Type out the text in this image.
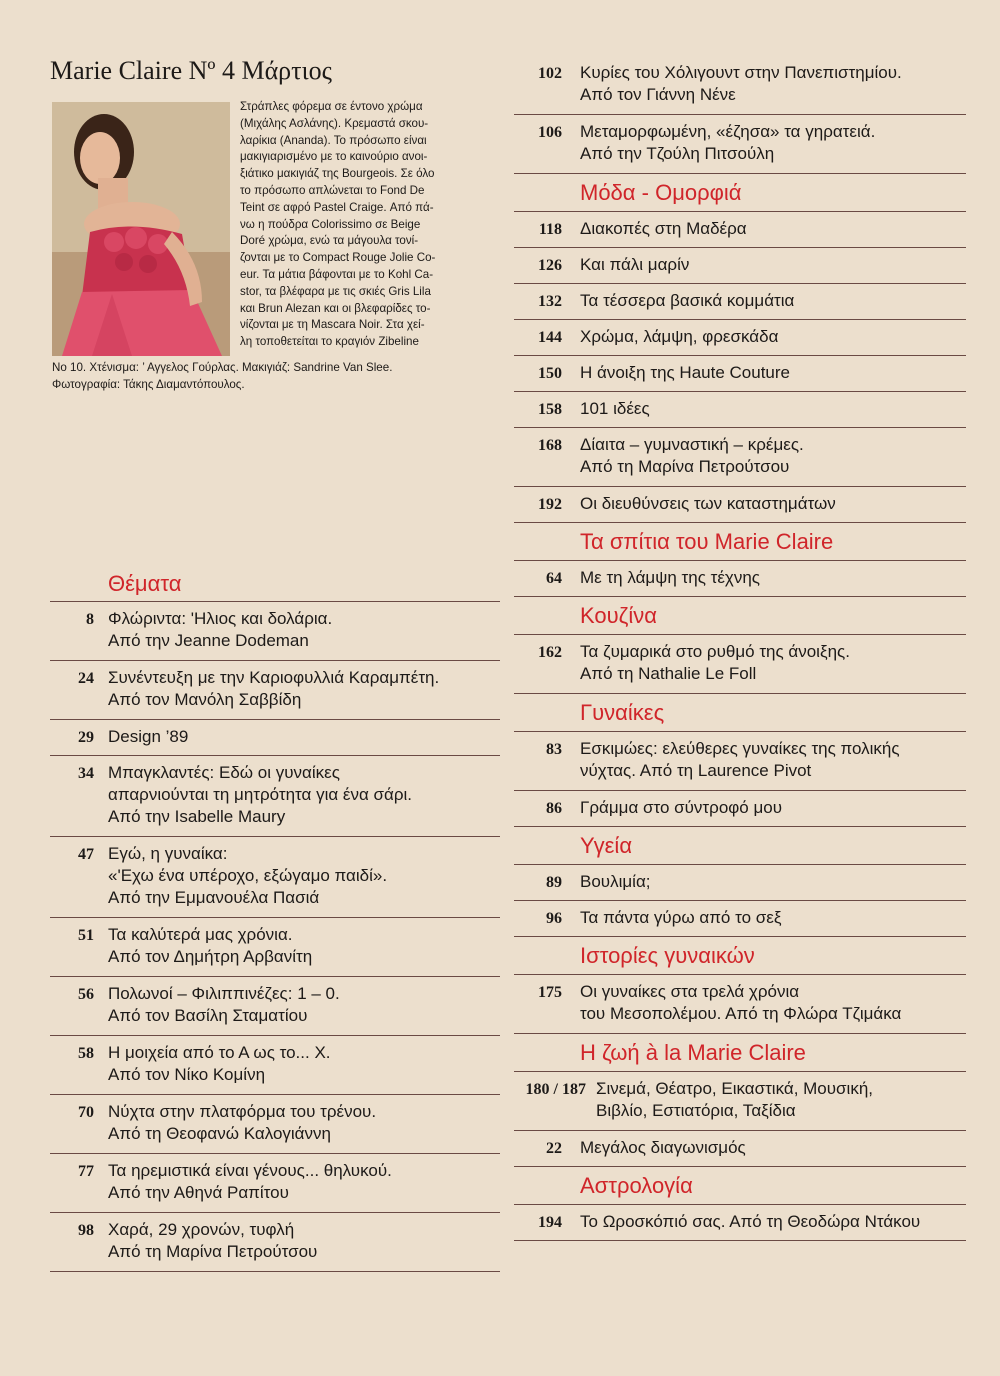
Marie Claire Nº 4 Μάρτιος
Στράπλες φόρεμα σε έντονο χρώμα
(Μιχάλης Ασλάνης). Κρεμαστά σκου-
λαρίκια (Ananda). Το πρόσωπο είναι
μακιγιαρισμένο με το καινούριο ανοι-
ξιάτικο μακιγιάζ της Bourgeois. Σε όλο
το πρόσωπο απλώνεται το Fond De
Teint σε αφρό Pastel Craige. Από πά-
νω η πούδρα Colorissimo σε Beige
Doré χρώμα, ενώ τα μάγουλα τονί-
ζονται με το Compact Rouge Jolie Co-
eur. Τα μάτια βάφονται με το Kohl Ca-
stor, τα βλέφαρα με τις σκιές Gris Lila
και Brun Alezan και οι βλεφαρίδες το-
νίζονται με τη Mascara Noir. Στα χεί-
λη τοποθετείται το κραγιόν Zibeline
No 10. Χτένισμα: ’ Αγγελος Γούρλας. Μακιγιάζ: Sandrine Van Slee.
Φωτογραφία: Τάκης Διαμαντόπουλος.
Θέματα
8 Φλώριντα: 'Ηλιος και δολάρια.
Από την Jeanne Dodeman
24 Συνέντευξη με την Καριοφυλλιά Καραμπέτη.
Από τον Μανόλη Σαββίδη
29 Design ’89
34 Μπαγκλαντές: Εδώ οι γυναίκες
απαρνιούνται τη μητρότητα για ένα σάρι.
Από την Isabelle Maury
47 Εγώ, η γυναίκα:
«'Εχω ένα υπέροχο, εξώγαμο παιδί».
Από την Εμμανουέλα Πασιά
51 Τα καλύτερά μας χρόνια.
Από τον Δημήτρη Αρβανίτη
56 Πολωνοί – Φιλιππινέζες: 1 – 0.
Από τον Βασίλη Σταματίου
58 Η μοιχεία από το Α ως το... Χ.
Από τον Νίκο Κομίνη
70 Νύχτα στην πλατφόρμα του τρένου.
Από τη Θεοφανώ Καλογιάννη
77 Τα ηρεμιστικά είναι γένους... θηλυκού.
Από την Αθηνά Ραπίτου
98 Χαρά, 29 χρονών, τυφλή
Από τη Μαρίνα Πετρούτσου
102 Κυρίες του Χόλιγουντ στην Πανεπιστημίου.
Από τον Γιάννη Νένε
106 Μεταμορφωμένη, «έζησα» τα γηρατειά.
Από την Τζούλη Πιτσούλη
Μόδα - Ομορφιά
118 Διακοπές στη Μαδέρα
126 Και πάλι μαρίν
132 Τα τέσσερα βασικά κομμάτια
144 Χρώμα, λάμψη, φρεσκάδα
150 Η άνοιξη της Haute Couture
158 101 ιδέες
168 Δίαιτα – γυμναστική – κρέμες.
Από τη Μαρίνα Πετρούτσου
192 Οι διευθύνσεις των καταστημάτων
Τα σπίτια του Marie Claire
64 Με τη λάμψη της τέχνης
Κουζίνα
162 Τα ζυμαρικά στο ρυθμό της άνοιξης.
Από τη Nathalie Le Foll
Γυναίκες
83 Εσκιμώες: ελεύθερες γυναίκες της πολικής
νύχτας. Από τη Laurence Pivot
86 Γράμμα στο σύντροφό μου
Υγεία
89 Βουλιμία;
96 Τα πάντα γύρω από το σεξ
Ιστορίες γυναικών
175 Οι γυναίκες στα τρελά χρόνια
του Μεσοπολέμου. Από τη Φλώρα Τζιμάκα
Η ζωή à la Marie Claire
180 / 187 Σινεμά, Θέατρο, Εικαστικά, Μουσική,
Βιβλίο, Εστιατόρια, Ταξίδια
22 Μεγάλος διαγωνισμός
Αστρολογία
194 Το Ωροσκόπιό σας. Από τη Θεοδώρα Ντάκου
